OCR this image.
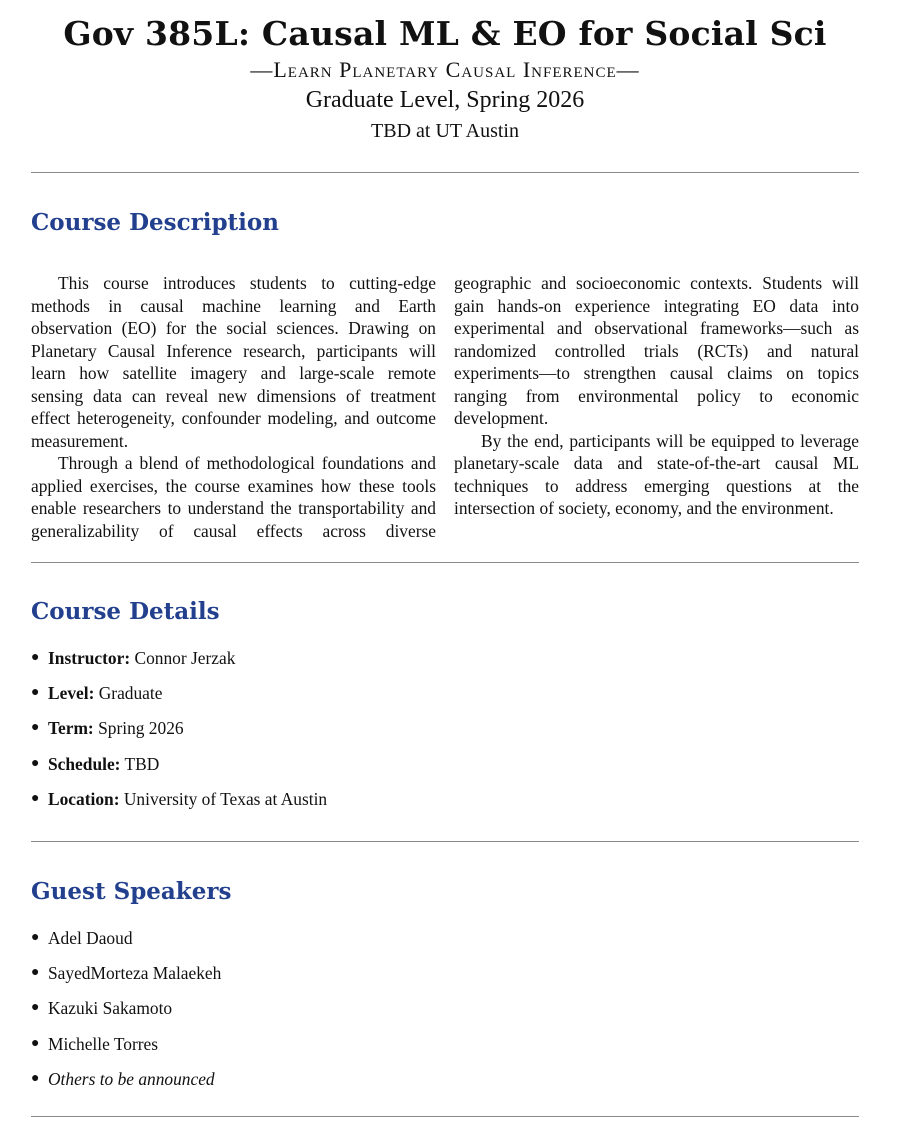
Gov 385L: Causal ML & EO for Social Sci

—Learn Planetary Causal Inference—

Graduate Level, Spring 2026

TBD at UT Austin

Course Description

This course introduces students to cutting-edge methods in causal machine learning and Earth observation (EO) for the social sciences. Drawing on Planetary Causal Inference research, participants will learn how satellite imagery and large-scale remote sensing data can reveal new dimensions of treatment effect heterogeneity, confounder modeling, and outcome measurement.

Through a blend of methodological foundations and applied exercises, the course examines how these tools enable researchers to understand the transportability and generalizability of causal effects across diverse geographic and socioeconomic contexts. Students will gain hands-on experience integrating EO data into experimental and observational frameworks—such as randomized controlled trials (RCTs) and natural experiments—to strengthen causal claims on topics ranging from environmental policy to economic development.

By the end, participants will be equipped to leverage planetary-scale data and state-of-the-art causal ML techniques to address emerging questions at the intersection of society, economy, and the environment.

Course Details
● Instructor: Connor Jerzak
● Level: Graduate
● Term: Spring 2026
● Schedule: TBD
● Location: University of Texas at Austin
Guest Speakers
● Adel Daoud
● SayedMorteza Malaekeh
● Kazuki Sakamoto
● Michelle Torres
● Others to be announced
